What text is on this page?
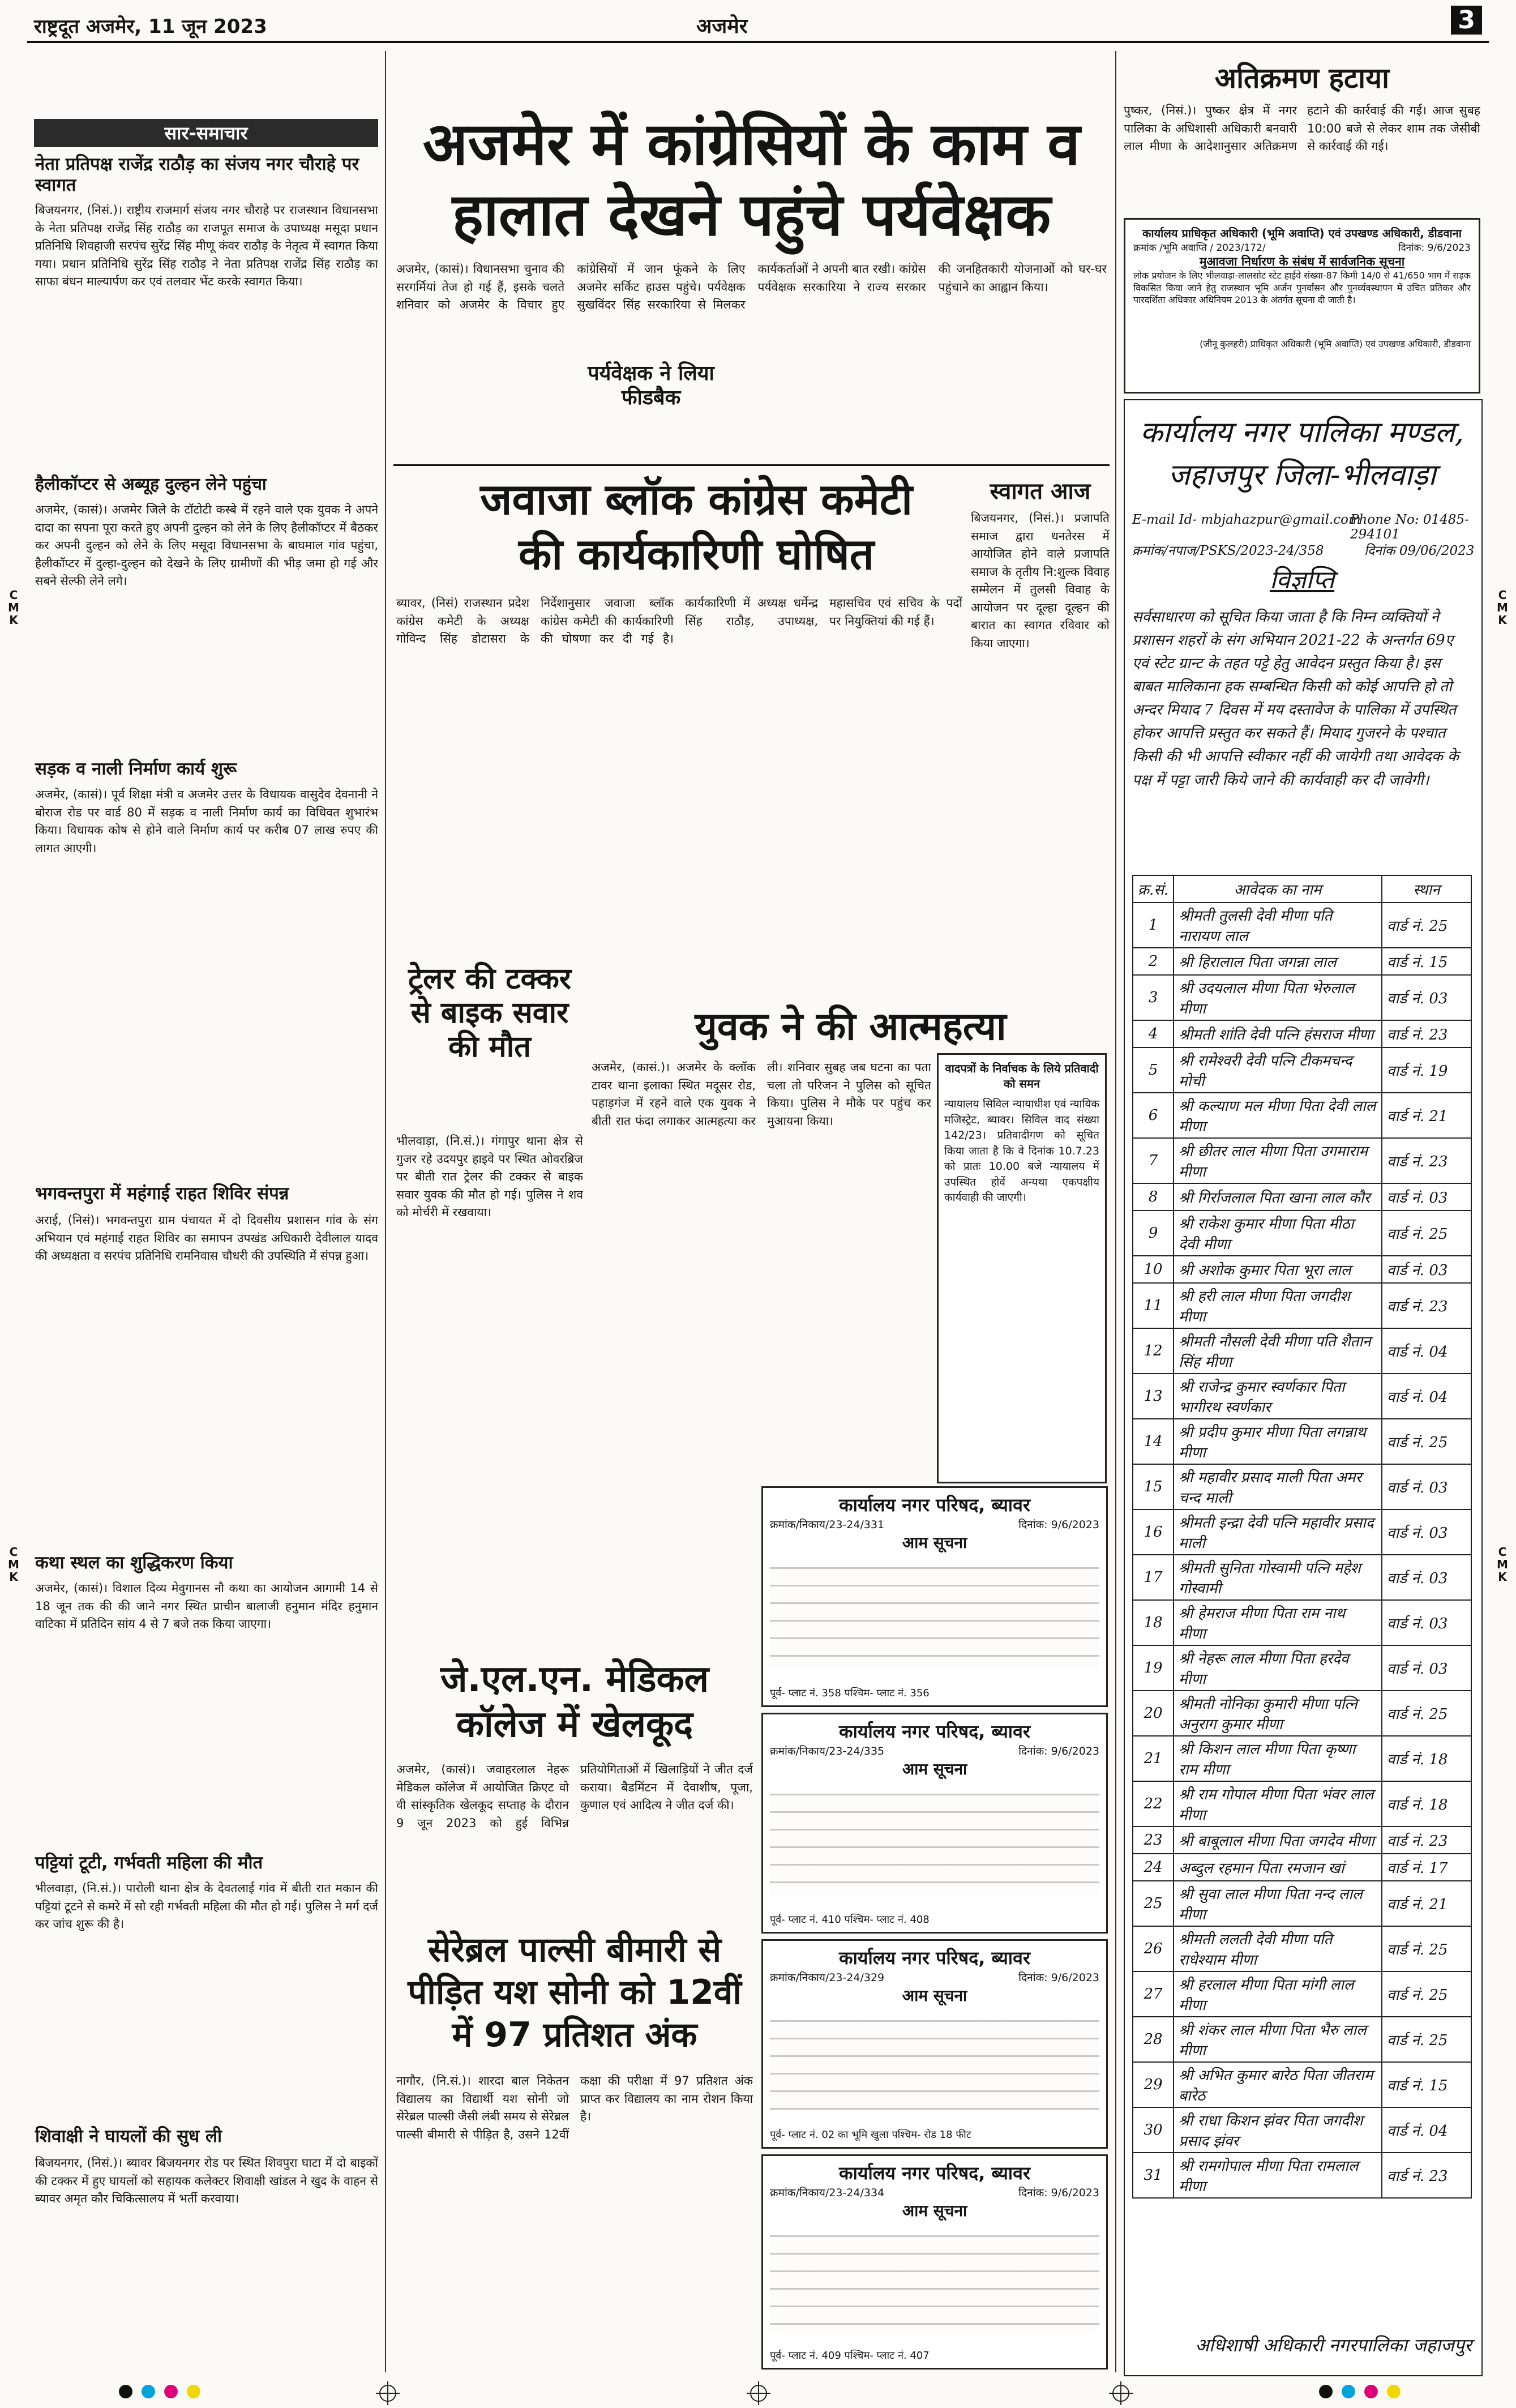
राष्ट्रदूत अजमेर, 11 जून 2023	अजमेर	3
C
M
K
C
M
K
C
M
K
C
M
K
सार-समाचार
नेता प्रतिपक्ष राजेंद्र राठौड़ का संजय नगर चौराहे पर स्वागत
बिजयनगर, (निसं.)। राष्ट्रीय राजमार्ग संजय नगर चौराहे पर राजस्थान विधानसभा के नेता प्रतिपक्ष राजेंद्र सिंह राठौड़ का राजपूत समाज के उपाध्यक्ष मसूदा प्रधान प्रतिनिधि शिवहाजी सरपंच सुरेंद्र सिंह मीणू कंवर राठौड़ के नेतृत्व में स्वागत किया गया। प्रधान प्रतिनिधि सुरेंद्र सिंह राठौड़ ने नेता प्रतिपक्ष राजेंद्र सिंह राठौड़ का साफा बंधन माल्यार्पण कर एवं तलवार भेंट करके स्वागत किया।
हैलीकॉप्टर से अब्यूह दुल्हन लेने पहुंचा
अजमेर, (कासं)। अजमेर जिले के टॉटोटी कस्बे में रहने वाले एक युवक ने अपने दादा का सपना पूरा करते हुए अपनी दुल्हन को लेने के लिए हैलीकॉप्टर में बैठकर कर अपनी दुल्हन को लेने के लिए मसूदा विधानसभा के बाघमाल गांव पहुंचा, हैलीकॉप्टर में दुल्हा-दुल्हन को देखने के लिए ग्रामीणों की भीड़ जमा हो गई और सबने सेल्फी लेने लगे।
सड़क व नाली निर्माण कार्य शुरू
अजमेर, (कासं)। पूर्व शिक्षा मंत्री व अजमेर उत्तर के विधायक वासुदेव देवनानी ने बोराज रोड पर वार्ड 80 में सड़क व नाली निर्माण कार्य का विधिवत शुभारंभ किया। विधायक कोष से होने वाले निर्माण कार्य पर करीब 07 लाख रुपए की लागत आएगी।
भगवन्तपुरा में महंगाई राहत शिविर संपन्न
अराई, (निसं)। भगवन्तपुरा ग्राम पंचायत में दो दिवसीय प्रशासन गांव के संग अभियान एवं महंगाई राहत शिविर का समापन उपखंड अधिकारी देवीलाल यादव की अध्यक्षता व सरपंच प्रतिनिधि रामनिवास चौधरी की उपस्थिति में संपन्न हुआ।
कथा स्थल का शुद्धिकरण किया
अजमेर, (कासं)। विशाल दिव्य मेवुगानस नौ कथा का आयोजन आगामी 14 से 18 जून तक की की जाने नगर स्थित प्राचीन बालाजी हनुमान मंदिर हनुमान वाटिका में प्रतिदिन सांय 4 से 7 बजे तक किया जाएगा।
पट्टियां टूटी, गर्भवती महिला की मौत
भीलवाड़ा, (नि.सं.)। पारोली थाना क्षेत्र के देवतलाई गांव में बीती रात मकान की पट्टियां टूटने से कमरे में सो रही गर्भवती महिला की मौत हो गई। पुलिस ने मर्ग दर्ज कर जांच शुरू की है।
शिवाक्षी ने घायलों की सुध ली
बिजयनगर, (निसं.)। ब्यावर बिजयनगर रोड पर स्थित शिवपुरा घाटा में दो बाइकों की टक्कर में हुए घायलों को सहायक कलेक्टर शिवाक्षी खांडल ने खुद के वाहन से ब्यावर अमृत कौर चिकित्सालय में भर्ती करवाया।
अजमेर में कांग्रेसियों के काम व
हालात देखने पहुंचे पर्यवेक्षक
अजमेर, (कासं)। विधानसभा चुनाव की सरगर्मियां तेज हो गई हैं, इसके चलते शनिवार को अजमेर के विचार हुए कांग्रेसियों में जान फूंकने के लिए अजमेर सर्किट हाउस पहुंचे। पर्यवेक्षक सुखविंदर सिंह सरकारिया से मिलकर कार्यकर्ताओं ने अपनी बात रखी। कांग्रेस पर्यवेक्षक सरकारिया ने राज्य सरकार की जनहितकारी योजनाओं को घर-घर पहुंचाने का आह्वान किया।
पर्यवेक्षक ने लिया फीडबैक
जवाजा ब्लॉक कांग्रेस कमेटी
की कार्यकारिणी घोषित
ब्यावर, (निसं) राजस्थान प्रदेश कांग्रेस कमेटी के अध्यक्ष गोविन्द सिंह डोटासरा के निर्देशानुसार जवाजा ब्लॉक कांग्रेस कमेटी की कार्यकारिणी की घोषणा कर दी गई है। कार्यकारिणी में अध्यक्ष धर्मेन्द्र सिंह राठौड़, उपाध्यक्ष, महासचिव एवं सचिव के पदों पर नियुक्तियां की गई हैं।
स्वागत आज
बिजयनगर, (निसं.)। प्रजापति समाज द्वारा धनतेरस में आयोजित होने वाले प्रजापति समाज के तृतीय नि:शुल्क विवाह सम्मेलन में तुलसी विवाह के आयोजन पर दूल्हा दूल्हन की बारात का स्वागत रविवार को किया जाएगा।
ट्रेलर की टक्कर से बाइक सवार की मौत
भीलवाड़ा, (नि.सं.)। गंगापुर थाना क्षेत्र से गुजर रहे उदयपुर हाइवे पर स्थित ओवरब्रिज पर बीती रात ट्रेलर की टक्कर से बाइक सवार युवक की मौत हो गई। पुलिस ने शव को मोर्चरी में रखवाया।
युवक ने की आत्महत्या
अजमेर, (कासं.)। अजमेर के क्लॉक टावर थाना इलाका स्थित मदूसर रोड, पहाड़गंज में रहने वाले एक युवक ने बीती रात फंदा लगाकर आत्महत्या कर ली। शनिवार सुबह जब घटना का पता चला तो परिजन ने पुलिस को सूचित किया। पुलिस ने मौके पर पहुंच कर मुआयना किया।
वादपत्रों के निर्वाचक के लिये प्रतिवादी को समन
न्यायालय सिविल न्यायाधीश एवं न्यायिक मजिस्ट्रेट, ब्यावर। सिविल वाद संख्या 142/23। प्रतिवादीगण को सूचित किया जाता है कि वे दिनांक 10.7.23 को प्रातः 10.00 बजे न्यायालय में उपस्थित होवें अन्यथा एकपक्षीय कार्यवाही की जाएगी।
जे.एल.एन. मेडिकल
कॉलेज में खेलकूद
अजमेर, (कासं)। जवाहरलाल नेहरू मेडिकल कॉलेज में आयोजित क्रिएट वो वी सांस्कृतिक खेलकूद सप्ताह के दौरान 9 जून 2023 को हुई विभिन्न प्रतियोगिताओं में खिलाड़ियों ने जीत दर्ज कराया। बैडमिंटन में देवाशीष, पूजा, कुणाल एवं आदित्य ने जीत दर्ज की।
सेरेब्रल पाल्सी बीमारी से
पीड़ित यश सोनी को 12वीं
में 97 प्रतिशत अंक
नागौर, (नि.सं.)। शारदा बाल निकेतन विद्यालय का विद्यार्थी यश सोनी जो सेरेब्रल पाल्सी जैसी लंबी समय से सेरेब्रल पाल्सी बीमारी से पीड़ित है, उसने 12वीं कक्षा की परीक्षा में 97 प्रतिशत अंक प्राप्त कर विद्यालय का नाम रोशन किया है।
कार्यालय नगर परिषद, ब्यावर
क्रमांक/निकाय/23-24/331	दिनांक: 9/6/2023
आम सूचना
पूर्व- प्लाट नं. 358 पश्चिम- प्लाट नं. 356
कार्यालय नगर परिषद, ब्यावर
क्रमांक/निकाय/23-24/335	दिनांक: 9/6/2023
आम सूचना
पूर्व- प्लाट नं. 410 पश्चिम- प्लाट नं. 408
कार्यालय नगर परिषद, ब्यावर
क्रमांक/निकाय/23-24/329	दिनांक: 9/6/2023
आम सूचना
पूर्व- प्लाट नं. 02 का भूमि खुला पश्चिम- रोड 18 फीट
कार्यालय नगर परिषद, ब्यावर
क्रमांक/निकाय/23-24/334	दिनांक: 9/6/2023
आम सूचना
पूर्व- प्लाट नं. 409 पश्चिम- प्लाट नं. 407
अतिक्रमण हटाया
पुष्कर, (निसं.)। पुष्कर क्षेत्र में नगर पालिका के अधिशासी अधिकारी बनवारी लाल मीणा के आदेशानुसार अतिक्रमण हटाने की कार्रवाई की गई। आज सुबह 10:00 बजे से लेकर शाम तक जेसीबी से कार्रवाई की गई।
कार्यालय प्राधिकृत अधिकारी (भूमि अवाप्ति) एवं उपखण्ड अधिकारी, डीडवाना
क्रमांक /भूमि अवाप्ति / 2023/172/	दिनांक: 9/6/2023
मुआवजा निर्धारण के संबंध में सार्वजनिक सूचना
लोक प्रयोजन के लिए भीलवाड़ा-लालसोट स्टेट हाईवे संख्या-87 किमी 14/0 से 41/650 भाग में सड़क विकसित किया जाने हेतु राजस्थान भूमि अर्जन पुनर्वासन और पुनर्व्यवस्थापन में उचित प्रतिकर और पारदर्शिता अधिकार अधिनियम 2013 के अंतर्गत सूचना दी जाती है।
(जीनू कुलहरी) प्राधिकृत अधिकारी (भूमि अवाप्ति) एवं उपखण्ड अधिकारी, डीडवाना
कार्यालय नगर पालिका मण्डल,
जहाजपुर जिला-भीलवाड़ा
E-mail Id- mbjahazpur@gmail.com
Phone No: 01485-294101
क्रमांक/नपाज/PSKS/2023-24/358	दिनांक 09/06/2023
विज्ञप्ति
सर्वसाधारण को सूचित किया जाता है कि निम्न व्यक्तियों ने प्रशासन शहरों के संग अभियान 2021-22 के अन्तर्गत 69ए एवं स्टेट ग्रान्ट के तहत पट्टे हेतु आवेदन प्रस्तुत किया है। इस बाबत मालिकाना हक सम्बन्धित किसी को कोई आपत्ति हो तो अन्दर मियाद 7 दिवस में मय दस्तावेज के पालिका में उपस्थित होकर आपत्ति प्रस्तुत कर सकते हैं। मियाद गुजरने के पश्चात किसी की भी आपत्ति स्वीकार नहीं की जायेगी तथा आवेदक के पक्ष में पट्टा जारी किये जाने की कार्यवाही कर दी जावेगी।
क्र.सं.	आवेदक का नाम	स्थान
1	श्रीमती तुलसी देवी मीणा पति नारायण लाल	वार्ड नं. 25
2	श्री हिरालाल पिता जगन्ना लाल	वार्ड नं. 15
3	श्री उदयलाल मीणा पिता भेरुलाल मीणा	वार्ड नं. 03
4	श्रीमती शांति देवी पत्नि हंसराज मीणा	वार्ड नं. 23
5	श्री रामेश्वरी देवी पत्नि टीकमचन्द मोची	वार्ड नं. 19
6	श्री कल्याण मल मीणा पिता देवी लाल मीणा	वार्ड नं. 21
7	श्री छीतर लाल मीणा पिता उगमाराम मीणा	वार्ड नं. 23
8	श्री गिर्राजलाल पिता खाना लाल कौर	वार्ड नं. 03
9	श्री राकेश कुमार मीणा पिता मीठा देवी मीणा	वार्ड नं. 25
10	श्री अशोक कुमार पिता भूरा लाल	वार्ड नं. 03
11	श्री हरी लाल मीणा पिता जगदीश मीणा	वार्ड नं. 23
12	श्रीमती नौसली देवी मीणा पति शैतान सिंह मीणा	वार्ड नं. 04
13	श्री राजेन्द्र कुमार स्वर्णकार पिता भागीरथ स्वर्णकार	वार्ड नं. 04
14	श्री प्रदीप कुमार मीणा पिता लगन्नाथ मीणा	वार्ड नं. 25
15	श्री महावीर प्रसाद माली पिता अमर चन्द माली	वार्ड नं. 03
16	श्रीमती इन्द्रा देवी पत्नि महावीर प्रसाद माली	वार्ड नं. 03
17	श्रीमती सुनिता गोस्वामी पत्नि महेश गोस्वामी	वार्ड नं. 03
18	श्री हेमराज मीणा पिता राम नाथ मीणा	वार्ड नं. 03
19	श्री नेहरू लाल मीणा पिता हरदेव मीणा	वार्ड नं. 03
20	श्रीमती नोनिका कुमारी मीणा पत्नि अनुराग कुमार मीणा	वार्ड नं. 25
21	श्री किशन लाल मीणा पिता कृष्णा राम मीणा	वार्ड नं. 18
22	श्री राम गोपाल मीणा पिता भंवर लाल मीणा	वार्ड नं. 18
23	श्री बाबूलाल मीणा पिता जगदेव मीणा	वार्ड नं. 23
24	अब्दुल रहमान पिता रमजान खां	वार्ड नं. 17
25	श्री सुवा लाल मीणा पिता नन्द लाल मीणा	वार्ड नं. 21
26	श्रीमती ललती देवी मीणा पति राधेश्याम मीणा	वार्ड नं. 25
27	श्री हरलाल मीणा पिता मांगी लाल मीणा	वार्ड नं. 25
28	श्री शंकर लाल मीणा पिता भैरु लाल मीणा	वार्ड नं. 25
29	श्री अभित कुमार बारेठ पिता जीतराम बारेठ	वार्ड नं. 15
30	श्री राधा किशन झंवर पिता जगदीश प्रसाद झंवर	वार्ड नं. 04
31	श्री रामगोपाल मीणा पिता रामलाल मीणा	वार्ड नं. 23
अधिशाषी अधिकारी नगरपालिका जहाजपुर
